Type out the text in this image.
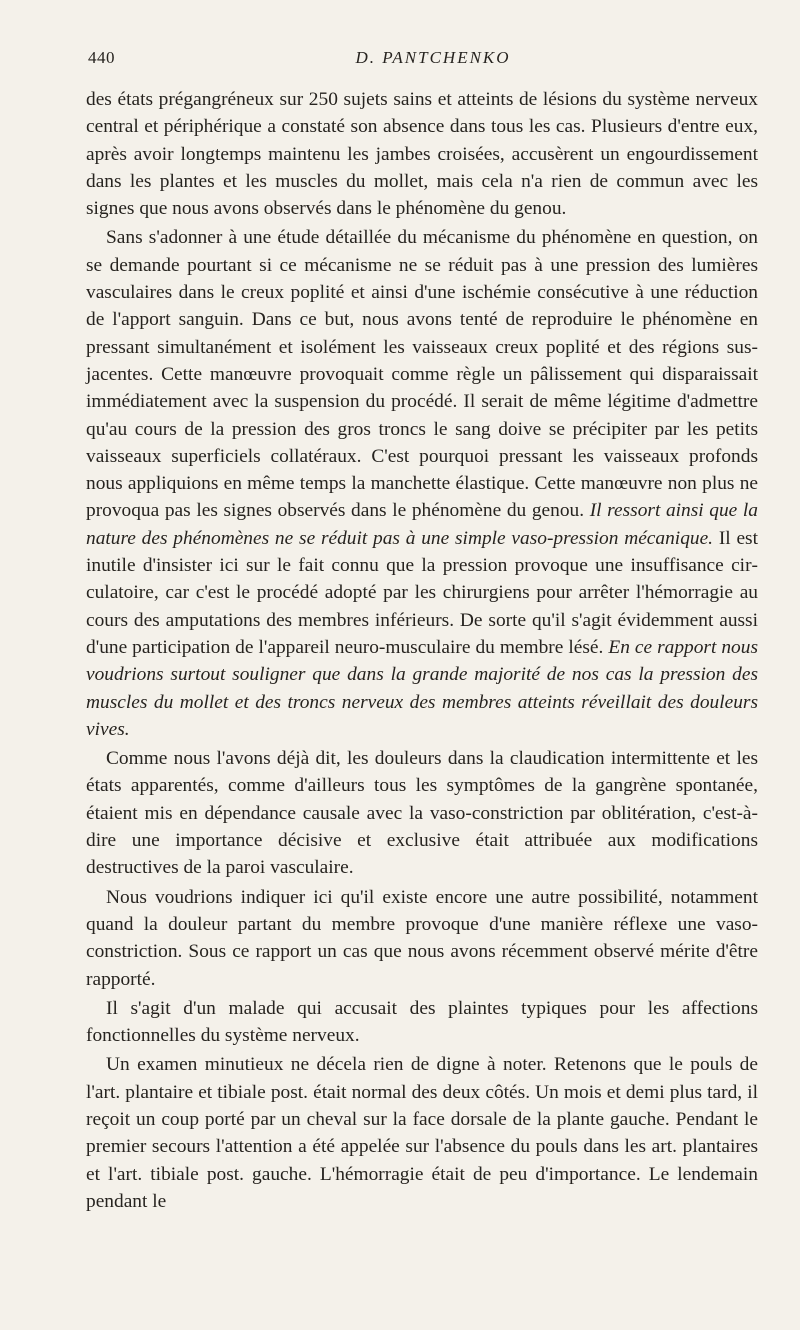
440	D. PANTCHENKO

des états prégangréneux sur 250 sujets sains et atteints de lésions du système nerveux central et périphérique a constaté son absence dans tous les cas. Plusieurs d'entre eux, après avoir longtemps maintenu les jambes croisées, accusèrent un engourdissement dans les plantes et les muscles du mollet, mais cela n'a rien de commun avec les signes que nous avons observés dans le phénomène du genou.

Sans s'adonner à une étude détaillée du mécanisme du phénomène en question, on se demande pourtant si ce mécanisme ne se réduit pas à une pression des lumières vasculaires dans le creux poplité et ainsi d'une ischémie consécutive à une réduction de l'apport sanguin. Dans ce but, nous avons tenté de reproduire le phénomène en pressant simultanément et isolément les vaisseaux creux poplité et des régions sus-jacentes. Cette manœuvre provoquait comme règle un pâlissement qui disparaissait immédiatement avec la suspension du procédé. Il serait de même légitime d'admettre qu'au cours de la pression des gros troncs le sang doive se précipiter par les petits vaisseaux superficiels collatéraux. C'est pourquoi pressant les vaisseaux profonds nous appliquions en même temps la manchette élastique. Cette manœuvre non plus ne provoqua pas les signes observés dans le phénomène du genou. Il ressort ainsi que la nature des phénomènes ne se réduit pas à une simple vaso-pression mécanique. Il est inutile d'insister ici sur le fait connu que la pression provoque une insuffisance circulatoire, car c'est le procédé adopté par les chirurgiens pour arrêter l'hémorragie au cours des amputations des membres inférieurs. De sorte qu'il s'agit évidemment aussi d'une participation de l'appareil neuro-musculaire du membre lésé. En ce rapport nous voudrions surtout souligner que dans la grande majorité de nos cas la pression des muscles du mollet et des troncs nerveux des membres atteints réveillait des douleurs vives.

Comme nous l'avons déjà dit, les douleurs dans la claudication intermittente et les états apparentés, comme d'ailleurs tous les symptômes de la gangrène spontanée, étaient mis en dépendance causale avec la vaso-constriction par oblitération, c'est-à-dire une importance décisive et exclusive était attribuée aux modifications destructives de la paroi vasculaire.

Nous voudrions indiquer ici qu'il existe encore une autre possibilité, notamment quand la douleur partant du membre provoque d'une manière réflexe une vaso-constriction. Sous ce rapport un cas que nous avons récemment observé mérite d'être rapporté.

Il s'agit d'un malade qui accusait des plaintes typiques pour les affections fonctionnelles du système nerveux.

Un examen minutieux ne décela rien de digne à noter. Retenons que le pouls de l'art. plantaire et tibiale post. était normal des deux côtés. Un mois et demi plus tard, il reçoit un coup porté par un cheval sur la face dorsale de la plante gauche. Pendant le premier secours l'attention a été appelée sur l'absence du pouls dans les art. plantaires et l'art. tibiale post. gauche. L'hémorragie était de peu d'importance. Le lendemain pendant le
